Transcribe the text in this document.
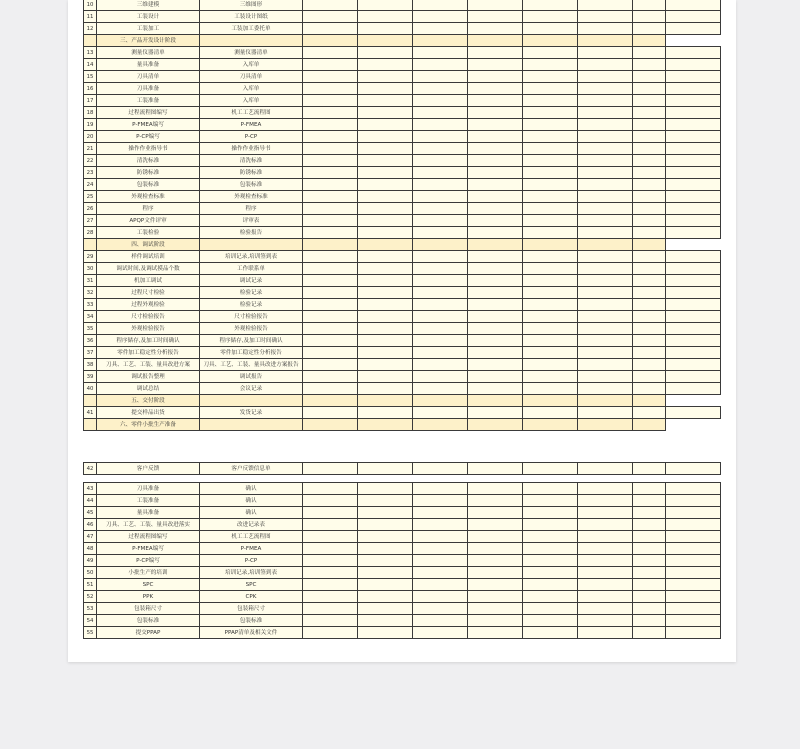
10	三维建模	三维图形								
11	工装设计	工装设计图纸								
12	工装加工	工装加工委托单								
	三、产品开发设计阶段									
13	测量仪器清单	测量仪器清单								
14	量具准备	入库单								
15	刀具清单	刀具清单								
16	刀具准备	入库单								
17	工装准备	入库单								
18	过程流程图编写	机工工艺流程图								
19	P-FMEA编写	P-FMEA								
20	P-CP编写	P-CP								
21	操作作业指导书	操作作业指导书								
22	清洗标准	清洗标准								
23	防锈标准	防锈标准								
24	包装标准	包装标准								
25	外观检查标准	外观检查标准								
26	程序	程序								
27	APQP文件评审	评审表								
28	工装检验	检验报告								
	四、调试阶段									
29	样件调试培训	培训记录,培训签到表								
30	调试时间,及调试摸品个数	工作联系单								
31	机加工调试	调试记录								
32	过程尺寸检验	检验记录								
33	过程外观检验	检验记录								
34	尺寸检验报告	尺寸检验报告								
35	外观检验报告	外观检验报告								
36	程序储存,及加工时间确认	程序储存,及加工时间确认								
37	零件加工稳定性分析报告	零件加工稳定性分析报告								
38	刀具、工艺、工装、量具改进方案	刀具、工艺、工装、量具改进方案报告								
39	调试报告整理	调试报告								
40	调试总结	会议记录								
	五、交付阶段									
41	提交样品出货	发货记录								
	六、零件小批生产准备									
42	客户反馈	客户反馈信息单								
43	刀具准备	确认								
44	工装准备	确认								
45	量具准备	确认								
46	刀具、工艺、工装、量具改进落实	改进记录表								
47	过程流程图编写	机工工艺流程图								
48	P-FMEA编写	P-FMEA								
49	P-CP编写	P-CP								
50	小批生产的培训	培训记录,培训签到表								
51	SPC	SPC								
52	PPK	CPK								
53	包装箱尺寸	包装箱尺寸								
54	包装标准	包装标准								
55	提交PPAP	PPAP清单及相关文件								
